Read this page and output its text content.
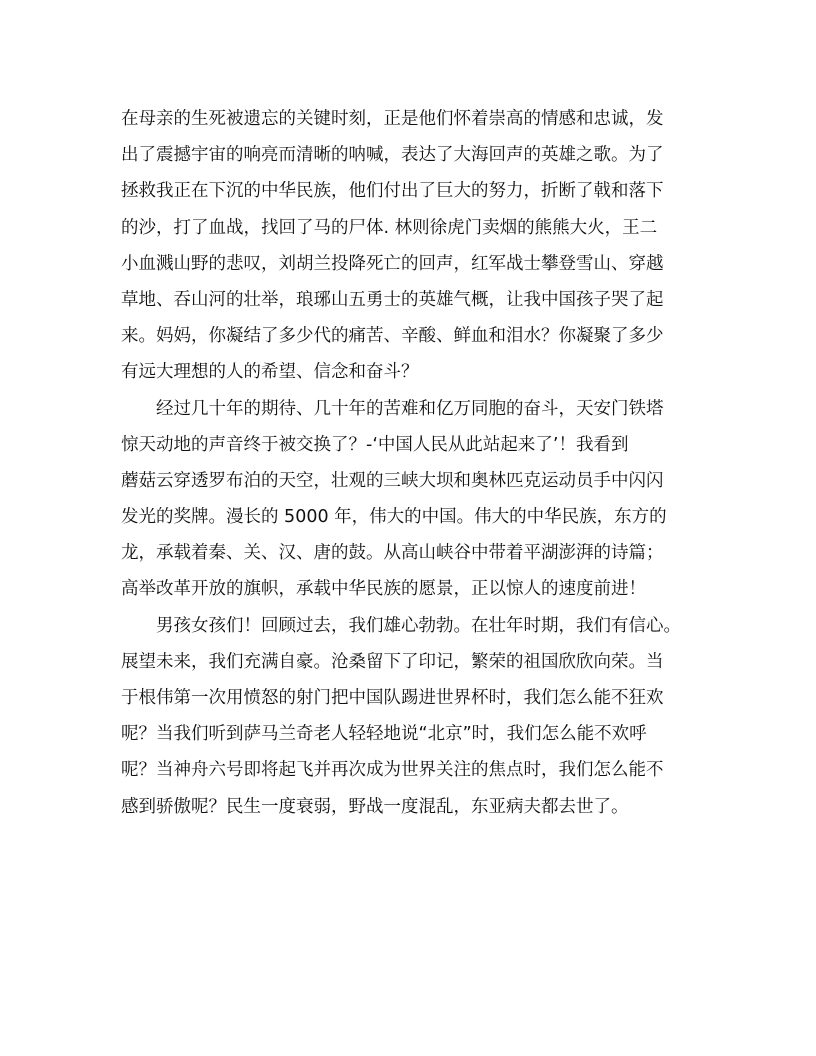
在母亲的生死被遗忘的关键时刻，正是他们怀着崇高的情感和忠诚，发
出了震撼宇宙的响亮而清晰的呐喊，表达了大海回声的英雄之歌。为了
拯救我正在下沉的中华民族，他们付出了巨大的努力，折断了戟和落下
的沙，打了血战，找回了马的尸体. 林则徐虎门卖烟的熊熊大火，王二
小血溅山野的悲叹，刘胡兰投降死亡的回声，红军战士攀登雪山、穿越
草地、吞山河的壮举，琅琊山五勇士的英雄气概，让我中国孩子哭了起
来。妈妈，你凝结了多少代的痛苦、辛酸、鲜血和泪水？你凝聚了多少
有远大理想的人的希望、信念和奋斗？
经过几十年的期待、几十年的苦难和亿万同胞的奋斗，天安门铁塔
惊天动地的声音终于被交换了？-‘中国人民从此站起来了’！我看到
蘑菇云穿透罗布泊的天空，壮观的三峡大坝和奥林匹克运动员手中闪闪
发光的奖牌。漫长的 5000 年，伟大的中国。伟大的中华民族，东方的
龙，承载着秦、关、汉、唐的鼓。从高山峡谷中带着平湖澎湃的诗篇；
高举改革开放的旗帜，承载中华民族的愿景，正以惊人的速度前进！
男孩女孩们！回顾过去，我们雄心勃勃。在壮年时期，我们有信心。
展望未来，我们充满自豪。沧桑留下了印记，繁荣的祖国欣欣向荣。当
于根伟第一次用愤怒的射门把中国队踢进世界杯时，我们怎么能不狂欢
呢？当我们听到萨马兰奇老人轻轻地说“北京”时，我们怎么能不欢呼
呢？当神舟六号即将起飞并再次成为世界关注的焦点时，我们怎么能不
感到骄傲呢？民生一度衰弱，野战一度混乱，东亚病夫都去世了。
